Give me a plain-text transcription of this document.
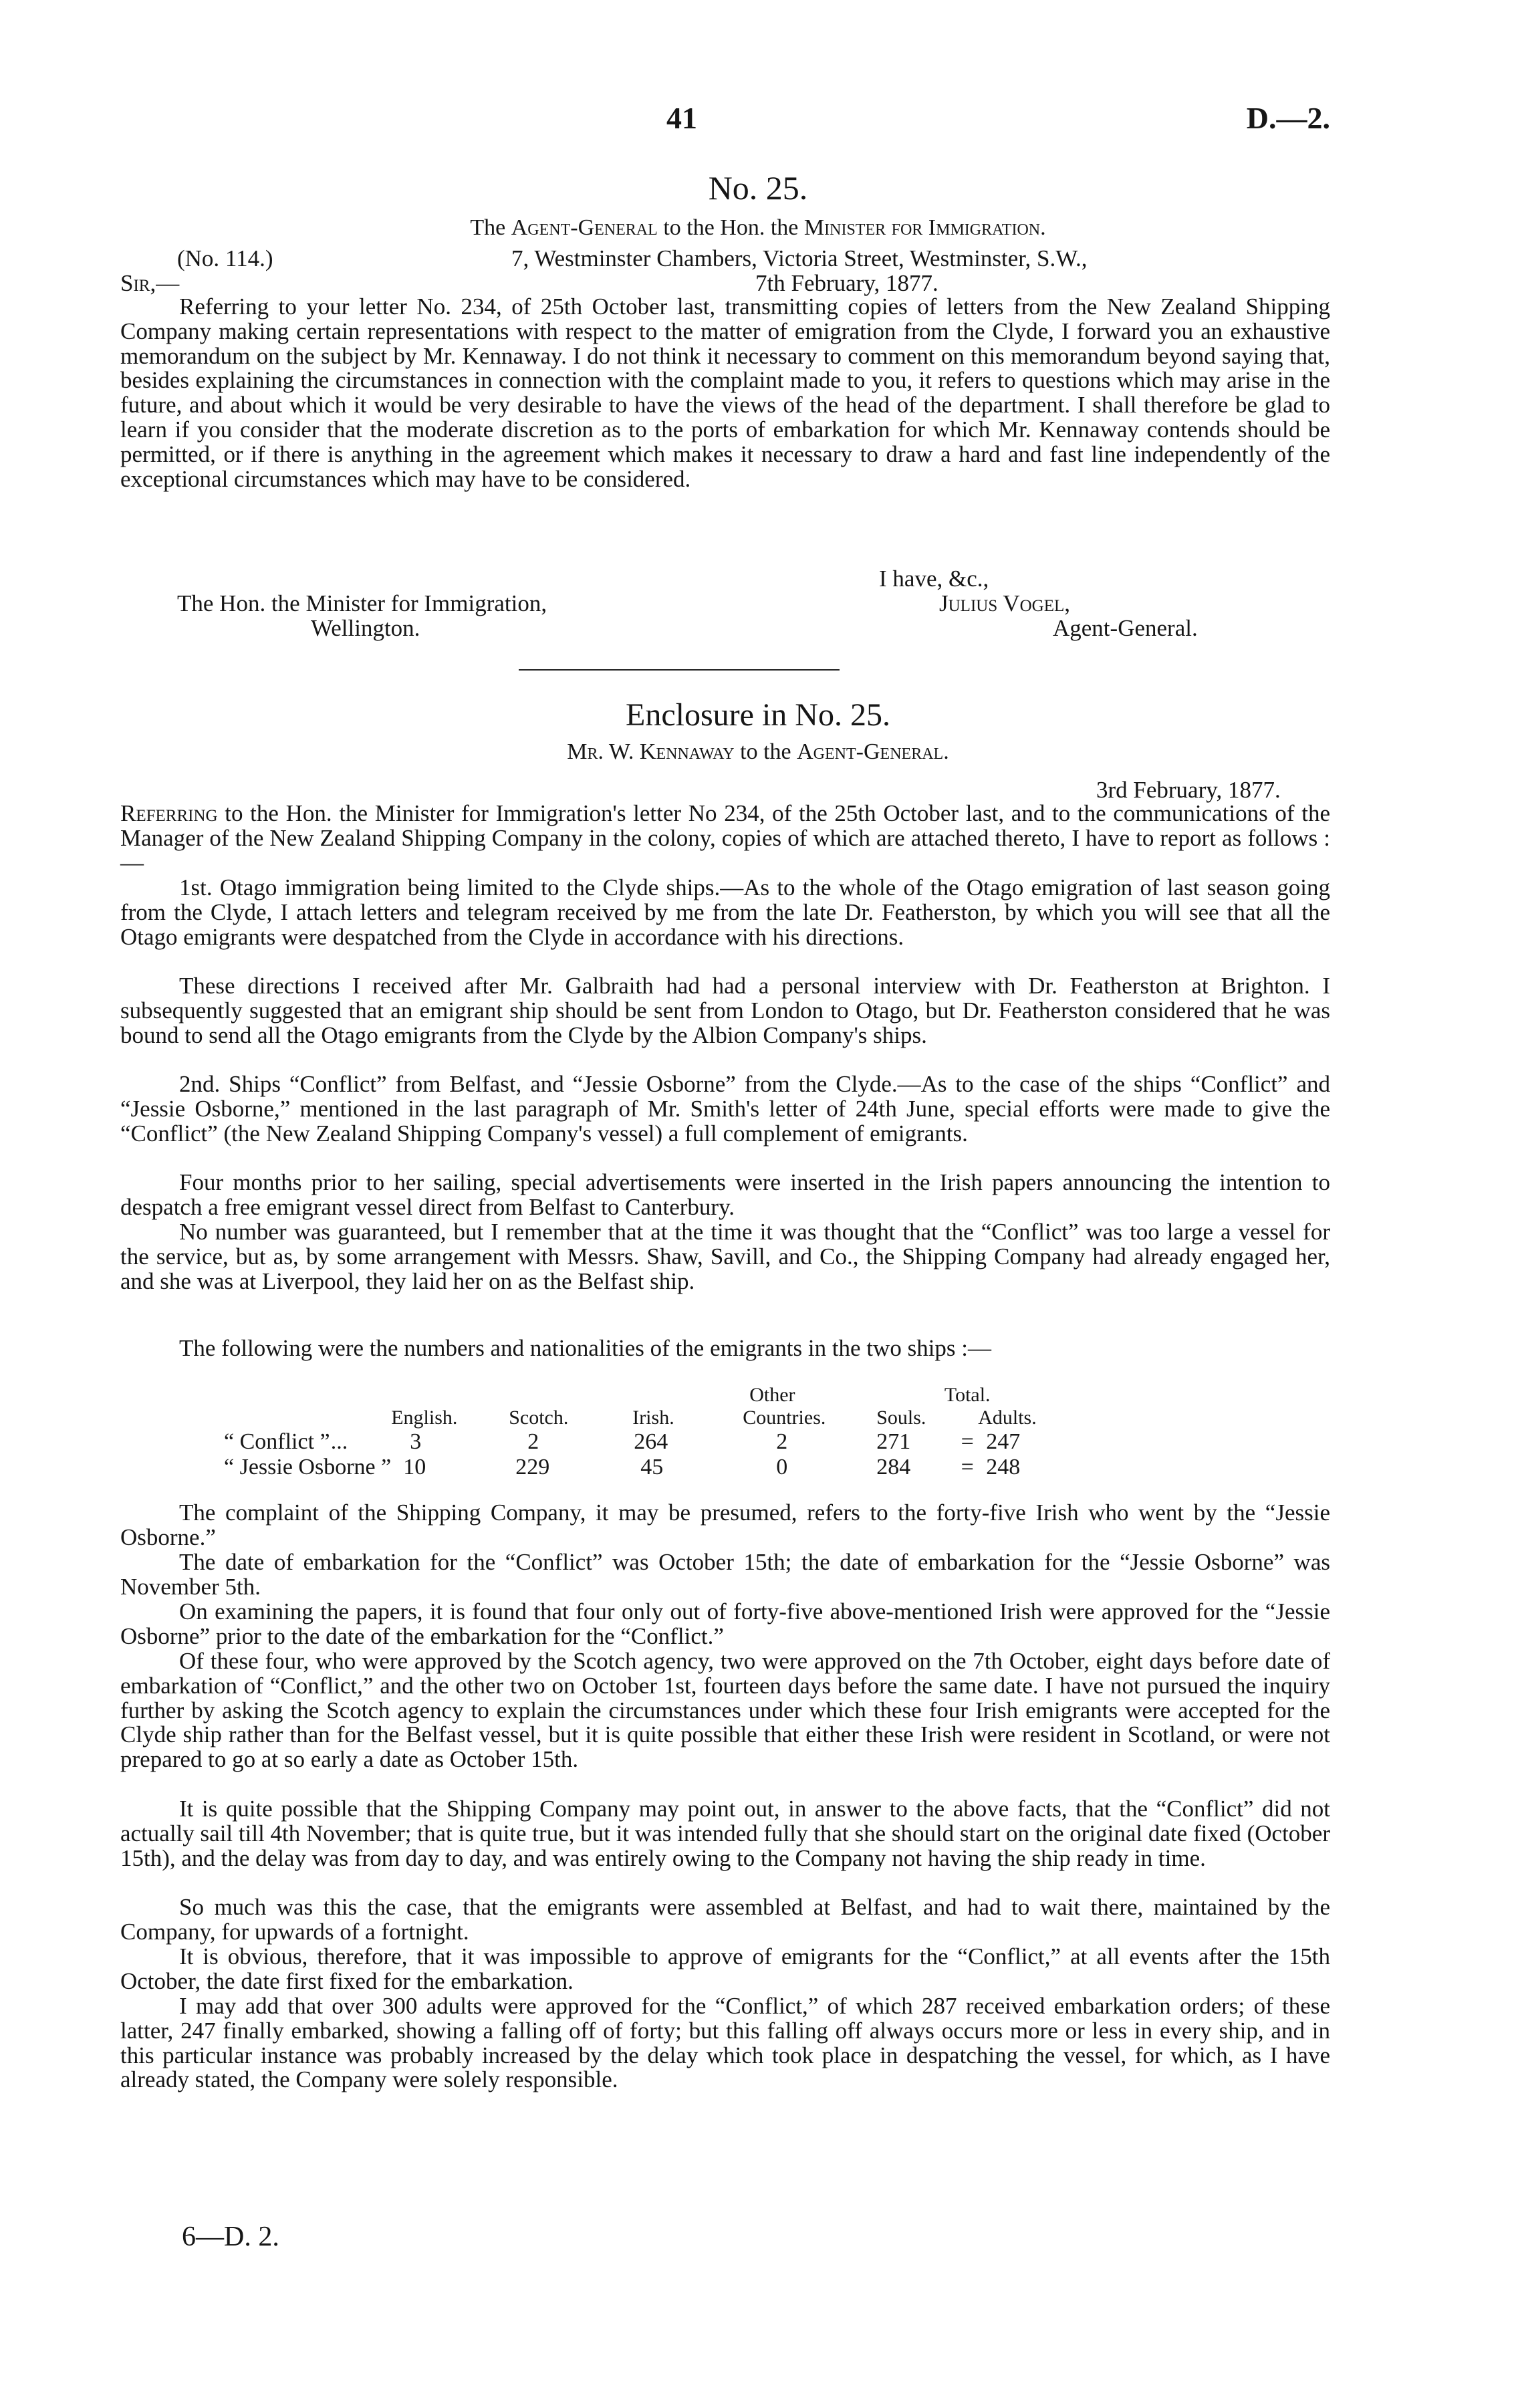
41	D.—2.
No. 25.
The Agent-General to the Hon. the Minister for Immigration.
(No. 114.)	7, Westminster Chambers, Victoria Street, Westminster, S.W.,
Sir,—	7th February, 1877.

Referring to your letter No. 234, of 25th October last, transmitting copies of letters from the New Zealand Shipping Company making certain representations with respect to the matter of emigration from the Clyde, I forward you an exhaustive memorandum on the subject by Mr. Kennaway. I do not think it necessary to comment on this memorandum beyond saying that, besides explaining the circumstances in connection with the complaint made to you, it refers to questions which may arise in the future, and about which it would be very desirable to have the views of the head of the department. I shall therefore be glad to learn if you consider that the moderate discretion as to the ports of embarkation for which Mr. Kennaway contends should be permitted, or if there is anything in the agreement which makes it necessary to draw a hard and fast line independently of the exceptional circumstances which may have to be considered.

I have, &c.,
The Hon. the Minister for Immigration,	Julius Vogel,
Wellington.	Agent-General.
Enclosure in No. 25.
Mr. W. Kennaway to the Agent-General.
3rd February, 1877.

Referring to the Hon. the Minister for Immigration's letter No 234, of the 25th October last, and to the communications of the Manager of the New Zealand Shipping Company in the colony, copies of which are attached thereto, I have to report as follows :—

1st. Otago immigration being limited to the Clyde ships.—As to the whole of the Otago emigration of last season going from the Clyde, I attach letters and telegram received by me from the late Dr. Featherston, by which you will see that all the Otago emigrants were despatched from the Clyde in accordance with his directions.

These directions I received after Mr. Galbraith had had a personal interview with Dr. Featherston at Brighton. I subsequently suggested that an emigrant ship should be sent from London to Otago, but Dr. Featherston considered that he was bound to send all the Otago emigrants from the Clyde by the Albion Company's ships.

2nd. Ships “Conflict” from Belfast, and “Jessie Osborne” from the Clyde.—As to the case of the ships “Conflict” and “Jessie Osborne,” mentioned in the last paragraph of Mr. Smith's letter of 24th June, special efforts were made to give the “Conflict” (the New Zealand Shipping Company's vessel) a full complement of emigrants.

Four months prior to her sailing, special advertisements were inserted in the Irish papers announcing the intention to despatch a free emigrant vessel direct from Belfast to Canterbury.

No number was guaranteed, but I remember that at the time it was thought that the “Conflict” was too large a vessel for the service, but as, by some arrangement with Messrs. Shaw, Savill, and Co., the Shipping Company had already engaged her, and she was at Liverpool, they laid her on as the Belfast ship.

The following were the numbers and nationalities of the emigrants in the two ships :—

		English.	Scotch.	Irish.	Other	Total.		
					Countries.	Souls.		Adults.
“ Conflict ”	...	3	2	264	2	271	=	247
“ Jessie Osborne ”		10	229	45	0	284	=	248

The complaint of the Shipping Company, it may be presumed, refers to the forty-five Irish who went by the “Jessie Osborne.”

The date of embarkation for the “Conflict” was October 15th; the date of embarkation for the “Jessie Osborne” was November 5th.

On examining the papers, it is found that four only out of forty-five above-mentioned Irish were approved for the “Jessie Osborne” prior to the date of the embarkation for the “Conflict.”

Of these four, who were approved by the Scotch agency, two were approved on the 7th October, eight days before date of embarkation of “Conflict,” and the other two on October 1st, fourteen days before the same date. I have not pursued the inquiry further by asking the Scotch agency to explain the circumstances under which these four Irish emigrants were accepted for the Clyde ship rather than for the Belfast vessel, but it is quite possible that either these Irish were resident in Scotland, or were not prepared to go at so early a date as October 15th.

It is quite possible that the Shipping Company may point out, in answer to the above facts, that the “Conflict” did not actually sail till 4th November; that is quite true, but it was intended fully that she should start on the original date fixed (October 15th), and the delay was from day to day, and was entirely owing to the Company not having the ship ready in time.

So much was this the case, that the emigrants were assembled at Belfast, and had to wait there, maintained by the Company, for upwards of a fortnight.

It is obvious, therefore, that it was impossible to approve of emigrants for the “Conflict,” at all events after the 15th October, the date first fixed for the embarkation.

I may add that over 300 adults were approved for the “Conflict,” of which 287 received embarkation orders; of these latter, 247 finally embarked, showing a falling off of forty; but this falling off always occurs more or less in every ship, and in this particular instance was probably increased by the delay which took place in despatching the vessel, for which, as I have already stated, the Company were solely responsible.

6—D. 2.
